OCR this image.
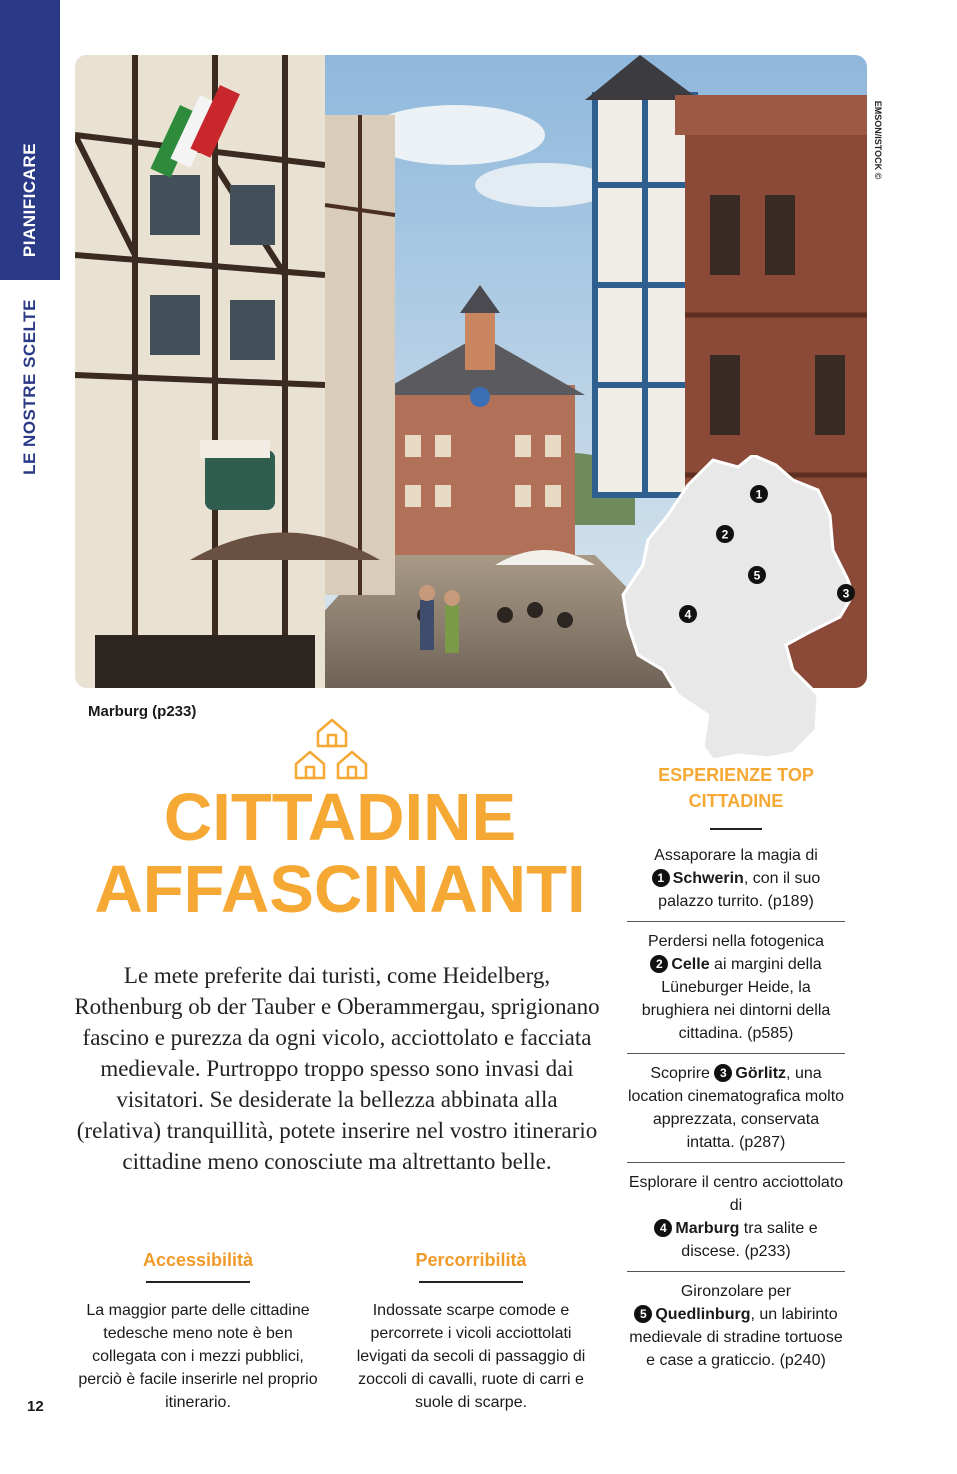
PIANIFICARE
LE NOSTRE SCELTE
EMSON/ISTOCK ©
Marburg (p233)
1
2
3
4
5
CITTADINE
AFFASCINANTI
Le mete preferite dai turisti, come Heidelberg, Rothenburg ob der Tauber e Oberammergau, sprigionano fascino e purezza da ogni vicolo, acciottolato e facciata medievale. Purtroppo troppo spesso sono invasi dai visitatori. Se desiderate la bellezza abbinata alla (relativa) tranquillità, potete inserire nel vostro itinerario cittadine meno conosciute ma altrettanto belle.
Accessibilità

La maggior parte delle cittadine tedesche meno note è ben collegata con i mezzi pubblici, perciò è facile inserirle nel proprio itinerario.

Percorribilità

Indossate scarpe comode e percorrete i vicoli acciottolati levigati da secoli di passaggio di zoccoli di cavalli, ruote di carri e suole di scarpe.

12
ESPERIENZE TOP
CITTADINE
Assaporare la magia di
1 Schwerin, con il suo palazzo turrito. (p189)
Perdersi nella fotogenica
2 Celle ai margini della Lüneburger Heide, la brughiera nei dintorni della cittadina. (p585)
Scoprire 3 Görlitz, una location cinematografica molto apprezzata, conservata intatta. (p287)
Esplorare il centro acciottolato di
4 Marburg tra salite e discese. (p233)
Gironzolare per
5 Quedlinburg, un labirinto medievale di stradine tortuose e case a graticcio. (p240)
